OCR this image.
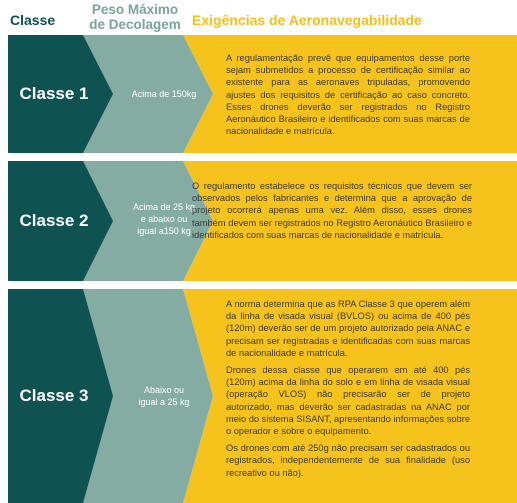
Classe
Peso Máximo
de Decolagem Exigências de Aeronavegabilidade
Classe 1	Acima de 150kg

A regulamentação prevê que equipamentos desse porte sejam submetidos a processo de certificação similar ao existente para as aeronaves tripuladas, promovendo ajustes dos requisitos de certificação ao caso concreto. Esses drones deverão ser registrados no Registro Aeronáutico Brasileiro e identificados com suas marcas de nacionalidade e matrícula.

Classe 2
Acima de 25 kg
e abaixo ou
igual a150 kg

O regulamento estabelece os requisitos técnicos que devem ser observados pelos fabricantes e determina que a aprovação de projeto ocorrerá apenas uma vez. Além disso, esses drones também devem ser registrados no Registro Aeronáutico Brasileiro e identificados com suas marcas de nacionalidade e matrícula.

Classe 3	Abaixo ou
igual a 25 kg

A norma determina que as RPA Classe 3 que operem além da linha de visada visual (BVLOS) ou acima de 400 pés (120m) deverão ser de um projeto autorizado pela ANAC e precisam ser registradas e identificadas com suas marcas de nacionalidade e matrícula.

Drones dessa classe que operarem em até 400 pés (120m) acima da linha do solo e em linha de visada visual (operação VLOS) não precisarão ser de projeto autorizado, mas deverão ser cadastradas na ANAC por meio do sistema SISANT, apresentando informações sobre o operador e sobre o equipamento.

Os drones com até 250g não precisam ser cadastrados ou registrados, independentemente de sua finalidade (uso recreativo ou não).
